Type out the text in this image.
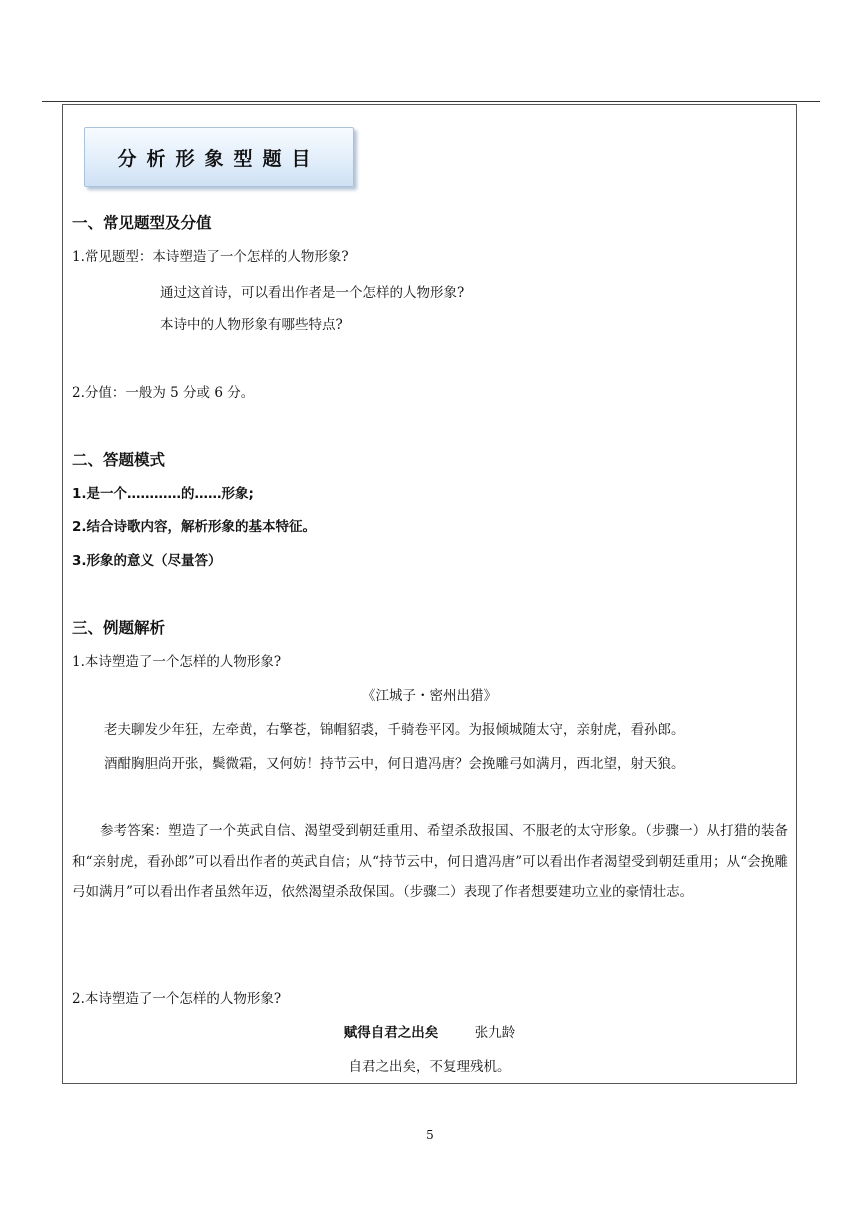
分析形象型题目
一、常见题型及分值
1.常见题型：本诗塑造了一个怎样的人物形象?
通过这首诗，可以看出作者是一个怎样的人物形象?
本诗中的人物形象有哪些特点?
2.分值：一般为 5 分或 6 分。
二、答题模式
1.是一个…………的……形象;
2.结合诗歌内容，解析形象的基本特征。
3.形象的意义（尽量答）
三、例题解析
1.本诗塑造了一个怎样的人物形象?
《江城子・密州出猎》
老夫聊发少年狂，左牵黄，右擎苍，锦帽貂裘，千骑卷平冈。为报倾城随太守，亲射虎，看孙郎。
酒酣胸胆尚开张，鬓微霜，又何妨！持节云中，何日遣冯唐？会挽雕弓如满月，西北望，射天狼。
参考答案：塑造了一个英武自信、渴望受到朝廷重用、希望杀敌报国、不服老的太守形象。（步骤一）从打猎的装备和“亲射虎，看孙郎”可以看出作者的英武自信；从“持节云中，何日遣冯唐”可以看出作者渴望受到朝廷重用；从“会挽雕弓如满月”可以看出作者虽然年迈，依然渴望杀敌保国。（步骤二）表现了作者想要建功立业的豪情壮志。
2.本诗塑造了一个怎样的人物形象?
赋得自君之出矣	张九龄
自君之出矣，不复理残机。
5
